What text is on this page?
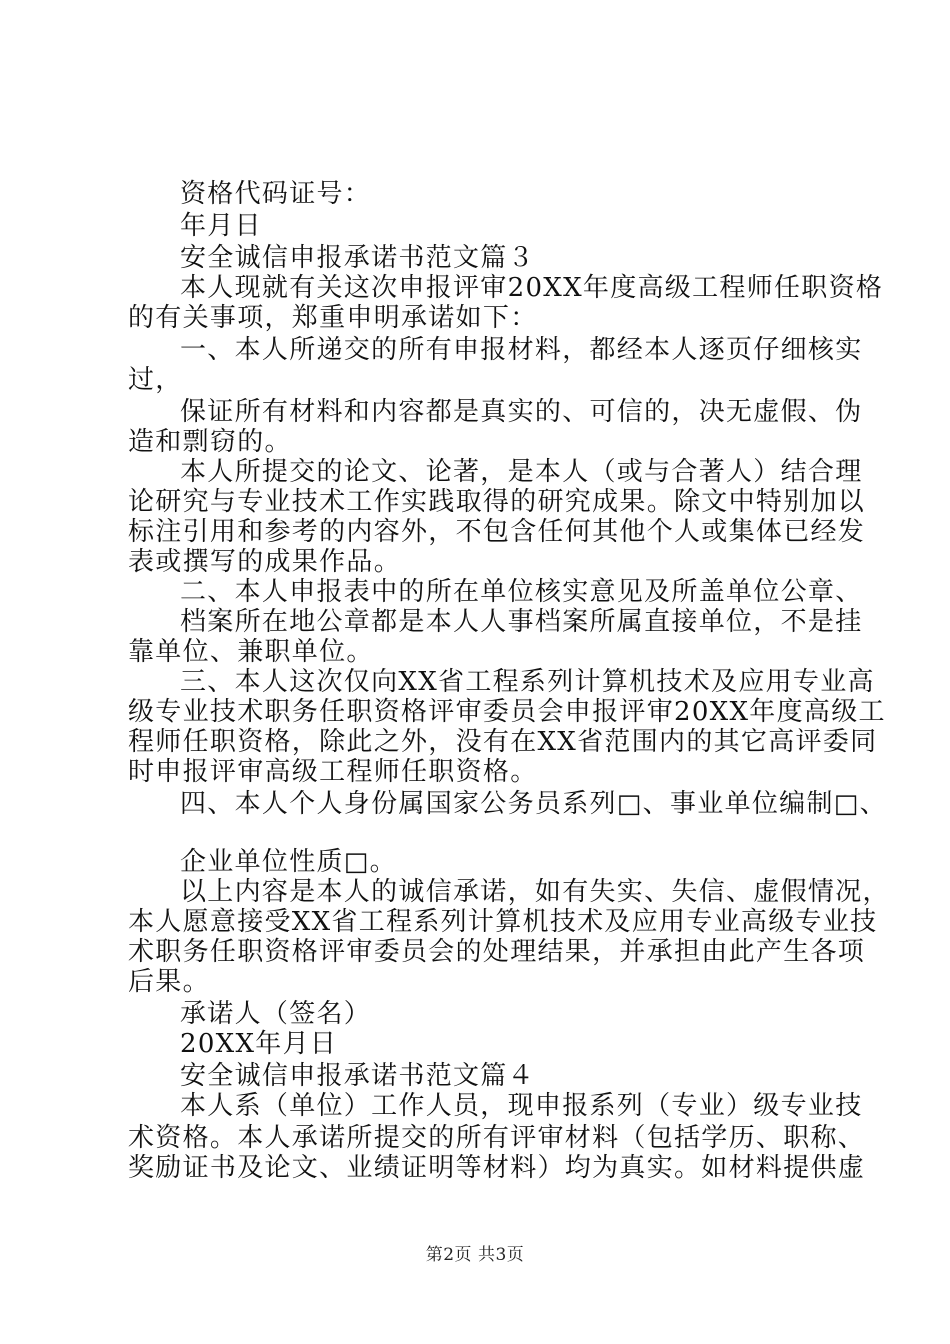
资格代码证号：
年月日
安全诚信申报承诺书范文篇３
本人现就有关这次申报评审20XX年度高级工程师任职资格
的有关事项，郑重申明承诺如下：
一、本人所递交的所有申报材料，都经本人逐页仔细核实
过，
保证所有材料和内容都是真实的、可信的，决无虚假、伪
造和剽窃的。
本人所提交的论文、论著，是本人（或与合著人）结合理
论研究与专业技术工作实践取得的研究成果。除文中特别加以
标注引用和参考的内容外，不包含任何其他个人或集体已经发
表或撰写的成果作品。
二、本人申报表中的所在单位核实意见及所盖单位公章、
档案所在地公章都是本人人事档案所属直接单位，不是挂
靠单位、兼职单位。
三、本人这次仅向XX省工程系列计算机技术及应用专业高
级专业技术职务任职资格评审委员会申报评审20XX年度高级工
程师任职资格，除此之外，没有在XX省范围内的其它高评委同
时申报评审高级工程师任职资格。
四、本人个人身份属国家公务员系列□、事业单位编制□、
企业单位性质□。
以上内容是本人的诚信承诺，如有失实、失信、虚假情况，
本人愿意接受XX省工程系列计算机技术及应用专业高级专业技
术职务任职资格评审委员会的处理结果，并承担由此产生各项
后果。
承诺人（签名）
20XX年月日
安全诚信申报承诺书范文篇４
本人系（单位）工作人员，现申报系列（专业）级专业技
术资格。本人承诺所提交的所有评审材料（包括学历、职称、
奖励证书及论文、业绩证明等材料）均为真实。如材料提供虚
第2页 共3页
